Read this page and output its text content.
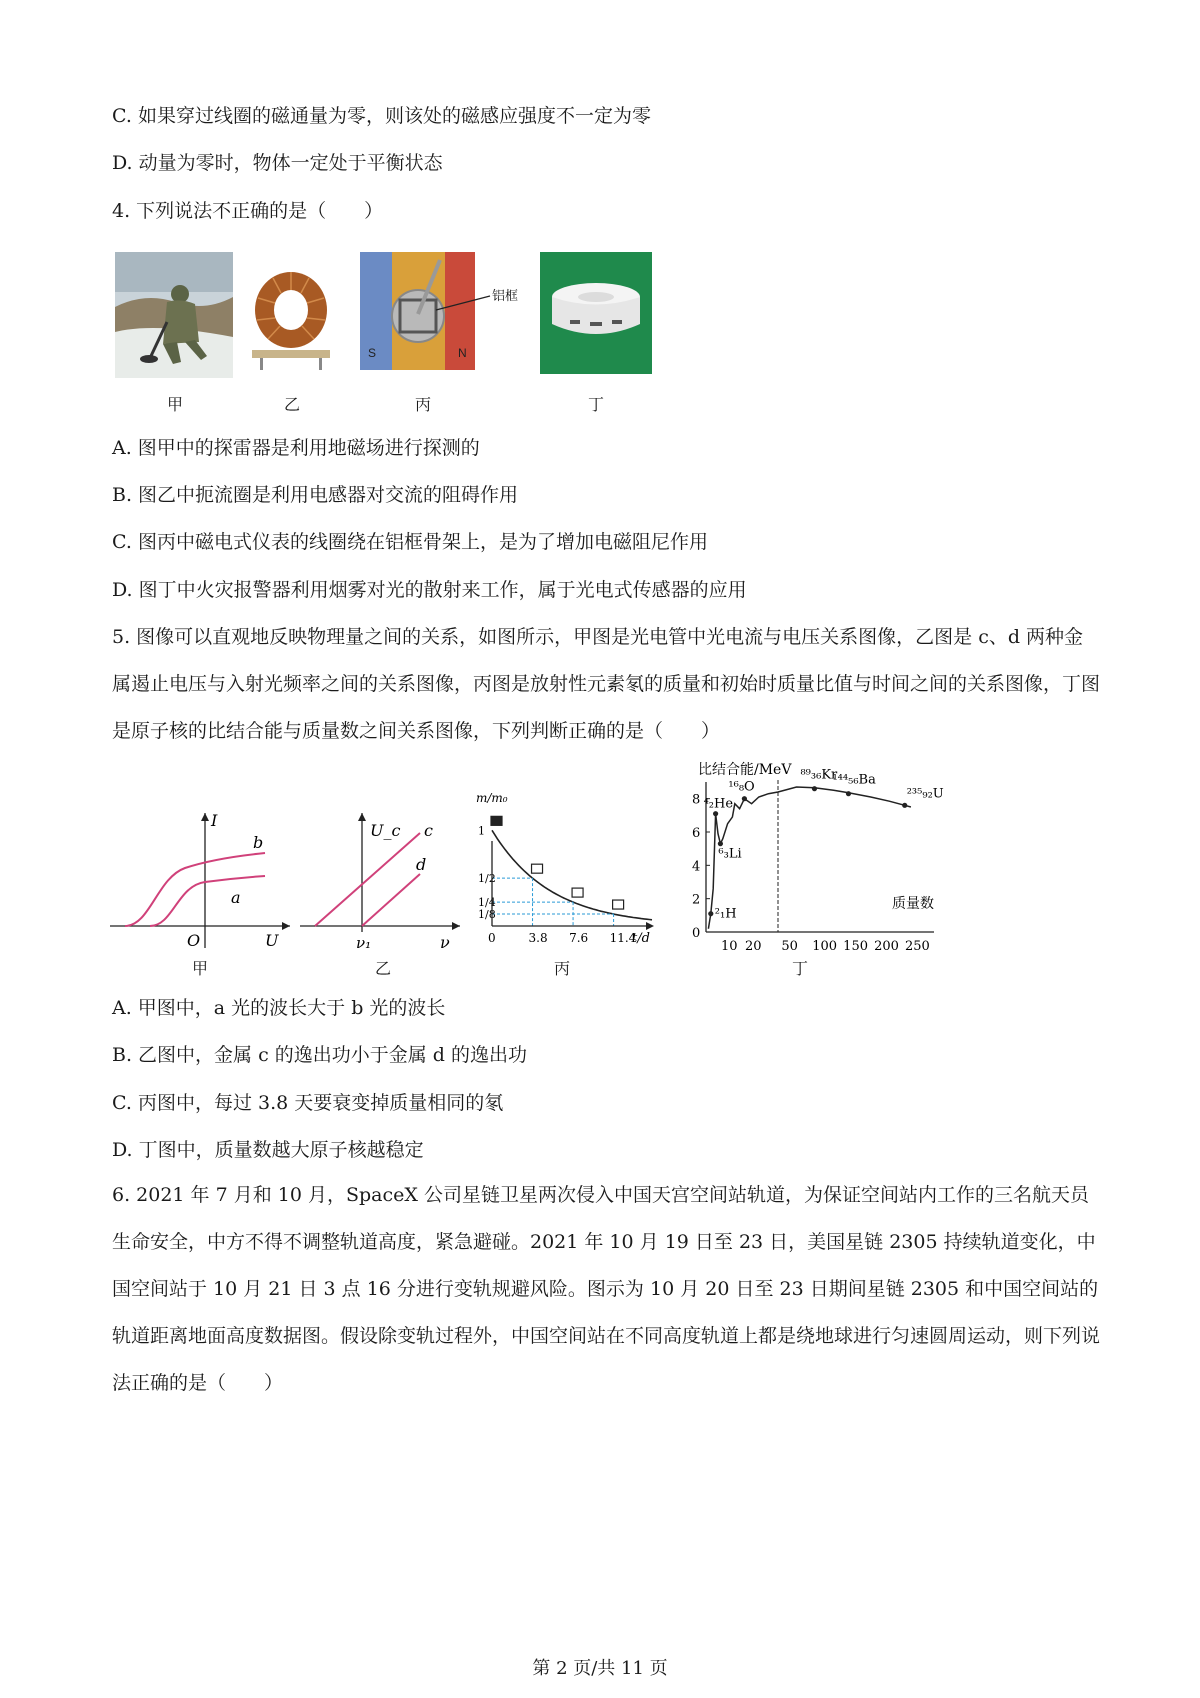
C. 如果穿过线圈的磁通量为零，则该处的磁感应强度不一定为零
D. 动量为零时，物体一定处于平衡状态
4. 下列说法不正确的是（　　）
甲	乙
S	N
铝框
丙	丁
A. 图甲中的探雷器是利用地磁场进行探测的
B. 图乙中扼流圈是利用电感器对交流的阻碍作用
C. 图丙中磁电式仪表的线圈绕在铝框骨架上，是为了增加电磁阻尼作用
D. 图丁中火灾报警器利用烟雾对光的散射来工作，属于光电式传感器的应用
5. 图像可以直观地反映物理量之间的关系，如图所示，甲图是光电管中光电流与电压关系图像，乙图是 c、d 两种金属遏止电压与入射光频率之间的关系图像，丙图是放射性元素氡的质量和初始时质量比值与时间之间的关系图像，丁图是原子核的比结合能与质量数之间关系图像，下列判断正确的是（　　）
b
a
I
O	U
甲
c
d
U_c
ν₁	ν
乙
0
1
3.8
1/2
7.6
1/4
11.4
1/8
m/m₀
t/d
丙
0
2
4
6
8
10 20 50 100 150 200 250
²₁H
⁴₂He
⁶₃Li
¹⁶₈O
⁸⁹₃₆Kr
¹⁴⁴₅₆Ba
²³⁵₉₂U
比结合能/MeV
质量数
丁
A. 甲图中，a 光的波长大于 b 光的波长
B. 乙图中，金属 c 的逸出功小于金属 d 的逸出功
C. 丙图中，每过 3.8 天要衰变掉质量相同的氡
D. 丁图中，质量数越大原子核越稳定
6. 2021 年 7 月和 10 月，SpaceX 公司星链卫星两次侵入中国天宫空间站轨道，为保证空间站内工作的三名航天员生命安全，中方不得不调整轨道高度，紧急避碰。2021 年 10 月 19 日至 23 日，美国星链 2305 持续轨道变化，中国空间站于 10 月 21 日 3 点 16 分进行变轨规避风险。图示为 10 月 20 日至 23 日期间星链 2305 和中国空间站的轨道距离地面高度数据图。假设除变轨过程外，中国空间站在不同高度轨道上都是绕地球进行匀速圆周运动，则下列说法正确的是（　　）
第 2 页/共 11 页
